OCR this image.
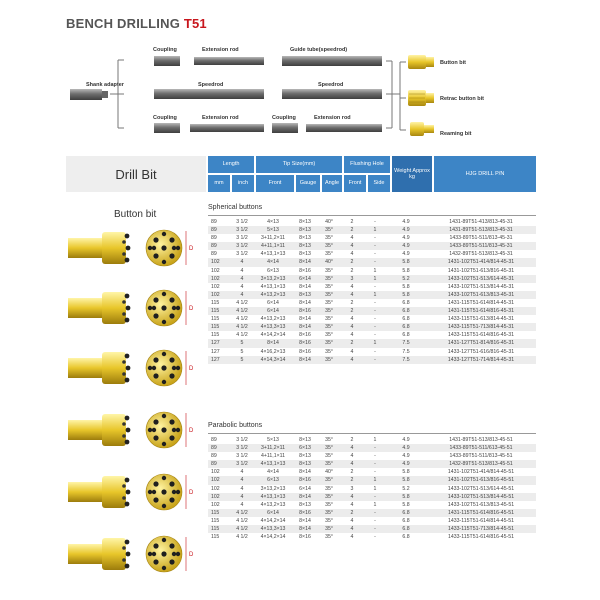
BENCH DRILLING T51
Coupling	Extension rod	Guide tube(speedrod)
Shank adapter	Speedrod	Speedrod
Coupling	Extension rod	Coupling	Extension rod
Button bit
Retrac button bit
Reaming bit
Drill Bit
Length	Tip Size(mm)	Flushing Hole
Weight Approx kg
HJG DRILL P/N
mm	inch	Front	Gauge	Angle	Front	Side
Button bit
D
D
D
D
D
D
Spherical buttons
89	3 1/2	4×13	8×13	40°	2	-	4.9	1431-89T51-413/813-45-31
89	3 1/2	5×13	8×13	35°	2	1	4.9	1431-89T51-513/813-45-31
89	3 1/2	3+11,2×11	8×13	35°	4	-	4.9	1433-89T51-511/813-45-31
89	3 1/2	4+11,1×11	8×13	35°	4	-	4.9	1433-89T51-511/813-45-31
89	3 1/2	4×13,1×13	8×13	35°	4	-	4.9	1432-89T51-513/813-45-31
102	4	4×14	8×14	40°	2	-	5.8	1431-102T51-414/814-45-31
102	4	6×13	8×16	35°	2	1	5.8	1431-102T51-613/816-45-31
102	4	3×13,2×13	6×14	35°	3	1	5.2	1433-102T51-513/614-45-31
102	4	4×13,1×13	8×14	35°	4	-	5.8	1433-102T51-513/814-45-31
102	4	4×13,2×13	8×13	35°	4	1	5.8	1433-102T51-613/813-45-31
115	4 1/2	6×14	8×14	35°	2	-	6.8	1431-115T51-614/814-45-31
115	4 1/2	6×14	8×16	35°	2	-	6.8	1431-115T51-614/816-45-31
115	4 1/2	4×13,2×13	8×14	35°	4	-	6.8	1433-115T51-613/814-45-31
115	4 1/2	4×13,3×13	8×14	35°	4	-	6.8	1433-115T51-713/814-45-31
115	4 1/2	4×14,2×14	8×16	35°	4	-	6.8	1433-115T51-614/816-45-31
127	5	8×14	8×16	35°	2	1	7.5	1431-127T51-814/816-45-31
127	5	4×16,2×13	8×16	35°	4	-	7.5	1433-127T51-616/816-45-31
127	5	4×14,3×14	8×14	35°	4	-	7.5	1433-127T51-714/814-45-31
Parabolic buttons
89	3 1/2	5×13	8×13	35°	2	1	4.9	1431-89T51-513/813-45-51
89	3 1/2	3+11,2×11	6×13	35°	4	-	4.9	1433-89T51-511/613-45-51
89	3 1/2	4+11,1×11	8×13	35°	4	-	4.9	1433-89T51-511/813-45-51
89	3 1/2	4×13,1×13	8×13	35°	4	-	4.9	1432-89T51-513/813-45-51
102	4	4×14	8×14	40°	2	-	5.8	1431-102T51-414/814-45-51
102	4	6×13	8×16	35°	2	1	5.8	1431-102T51-613/816-45-51
102	4	3×13,2×13	6×14	35°	3	1	5.2	1433-102T51-513/614-45-51
102	4	4×13,1×13	8×14	35°	4	-	5.8	1433-102T51-513/814-45-51
102	4	4×13,2×13	8×13	35°	4	1	5.8	1433-102T51-613/813-45-51
115	4 1/2	6×14	8×16	35°	2	-	6.8	1431-115T51-614/816-45-51
115	4 1/2	4×14,2×14	8×14	35°	4	-	6.8	1433-115T51-614/814-45-51
115	4 1/2	4×13,3×13	8×14	35°	4	-	6.8	1433-115T51-713/814-45-51
115	4 1/2	4×14,2×14	8×16	35°	4	-	6.8	1433-115T51-614/816-45-51
